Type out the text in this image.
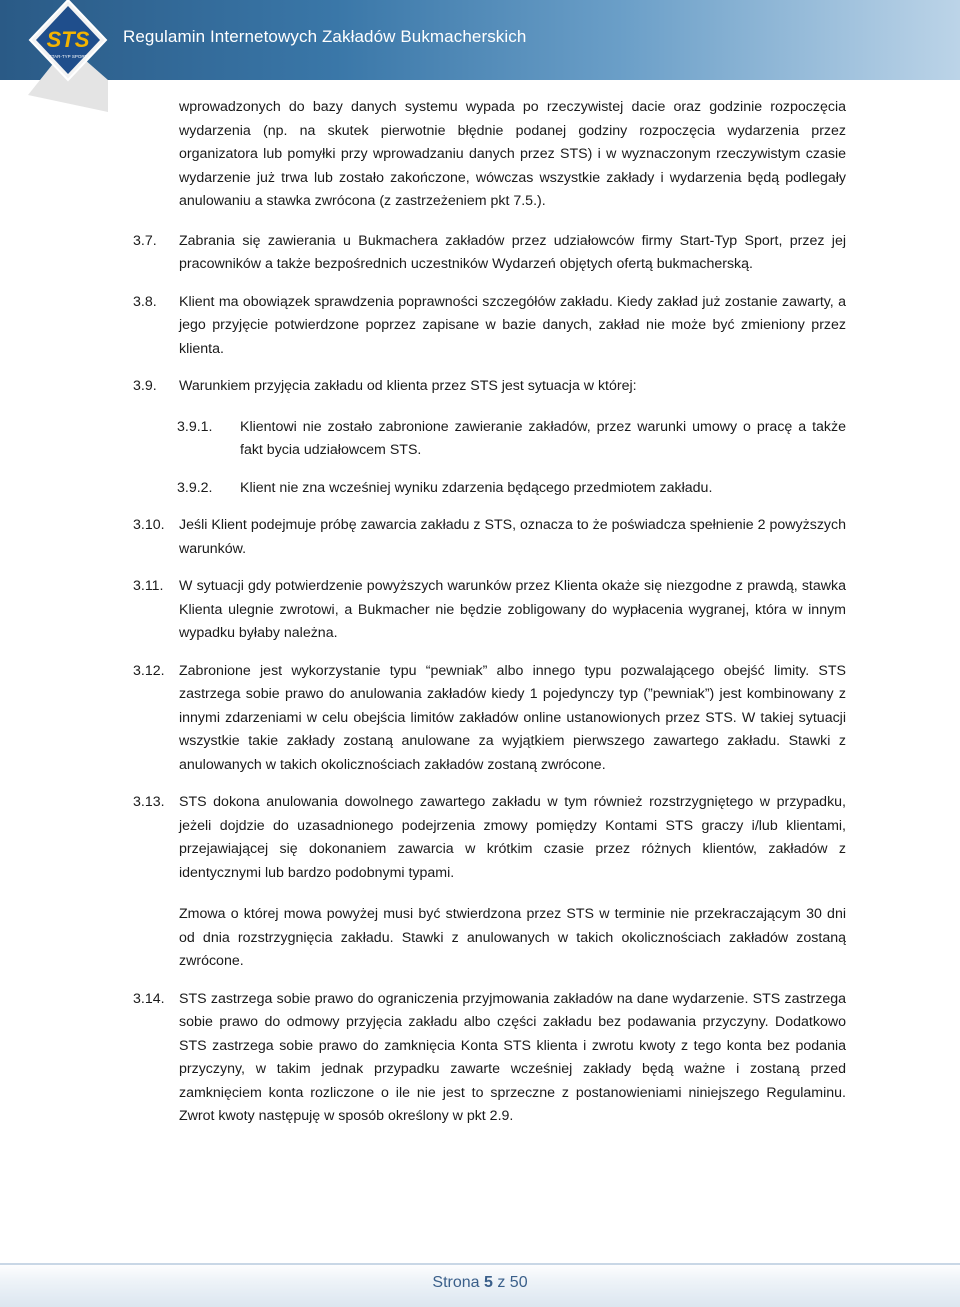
STS
STAR-TYP SPORT
Regulamin Internetowych Zakładów Bukmacherskich

wprowadzonych do bazy danych systemu wypada po rzeczywistej dacie oraz godzinie rozpoczęcia wydarzenia (np. na skutek pierwotnie błędnie podanej godziny rozpoczęcia wydarzenia przez organizatora lub pomyłki przy wprowadzaniu danych przez STS) i w wyznaczonym rzeczywistym czasie wydarzenie już trwa lub zostało zakończone, wówczas wszystkie zakłady i wydarzenia będą podlegały anulowaniu a stawka zwrócona (z zastrzeżeniem pkt 7.5.).

3.7. Zabrania się zawierania u Bukmachera zakładów przez udziałowców firmy Start-Typ Sport, przez jej pracowników a także bezpośrednich uczestników Wydarzeń objętych ofertą bukmacherską.
3.8. Klient ma obowiązek sprawdzenia poprawności szczegółów zakładu. Kiedy zakład już zostanie zawarty, a jego przyjęcie potwierdzone poprzez zapisane w bazie danych, zakład nie może być zmieniony przez klienta.
3.9. Warunkiem przyjęcia zakładu od klienta przez STS jest sytuacja w której:
3.9.1. Klientowi nie zostało zabronione zawieranie zakładów, przez warunki umowy o pracę a także fakt bycia udziałowcem STS.
3.9.2. Klient nie zna wcześniej wyniku zdarzenia będącego przedmiotem zakładu.
3.10. Jeśli Klient podejmuje próbę zawarcia zakładu z STS, oznacza to że poświadcza spełnienie 2 powyższych warunków.
3.11. W sytuacji gdy potwierdzenie powyższych warunków przez Klienta okaże się niezgodne z prawdą, stawka Klienta ulegnie zwrotowi, a Bukmacher nie będzie zobligowany do wypłacenia wygranej, która w innym wypadku byłaby należna.
3.12. Zabronione jest wykorzystanie typu “pewniak” albo innego typu pozwalającego obejść limity. STS zastrzega sobie prawo do anulowania zakładów kiedy 1 pojedynczy typ (”pewniak”) jest kombinowany z innymi zdarzeniami w celu obejścia limitów zakładów online ustanowionych przez STS. W takiej sytuacji wszystkie takie zakłady zostaną anulowane za wyjątkiem pierwszego zawartego zakładu. Stawki z anulowanych w takich okolicznościach zakładów zostaną zwrócone.
3.13. STS dokona anulowania dowolnego zawartego zakładu w tym również rozstrzygniętego w przypadku, jeżeli dojdzie do uzasadnionego podejrzenia zmowy pomiędzy Kontami STS graczy i/lub klientami, przejawiającej się dokonaniem zawarcia w krótkim czasie przez różnych klientów, zakładów z identycznymi lub bardzo podobnymi typami.
Zmowa o której mowa powyżej musi być stwierdzona przez STS w terminie nie przekraczającym 30 dni od dnia rozstrzygnięcia zakładu. Stawki z anulowanych w takich okolicznościach zakładów zostaną zwrócone.
3.14. STS zastrzega sobie prawo do ograniczenia przyjmowania zakładów na dane wydarzenie. STS zastrzega sobie prawo do odmowy przyjęcia zakładu albo części zakładu bez podawania przyczyny. Dodatkowo STS zastrzega sobie prawo do zamknięcia Konta STS klienta i zwrotu kwoty z tego konta bez podania przyczyny, w takim jednak przypadku zawarte wcześniej zakłady będą ważne i zostaną przed zamknięciem konta rozliczone o ile nie jest to sprzeczne z postanowieniami niniejszego Regulaminu. Zwrot kwoty następuję w sposób określony w pkt 2.9.
Strona 5 z 50
